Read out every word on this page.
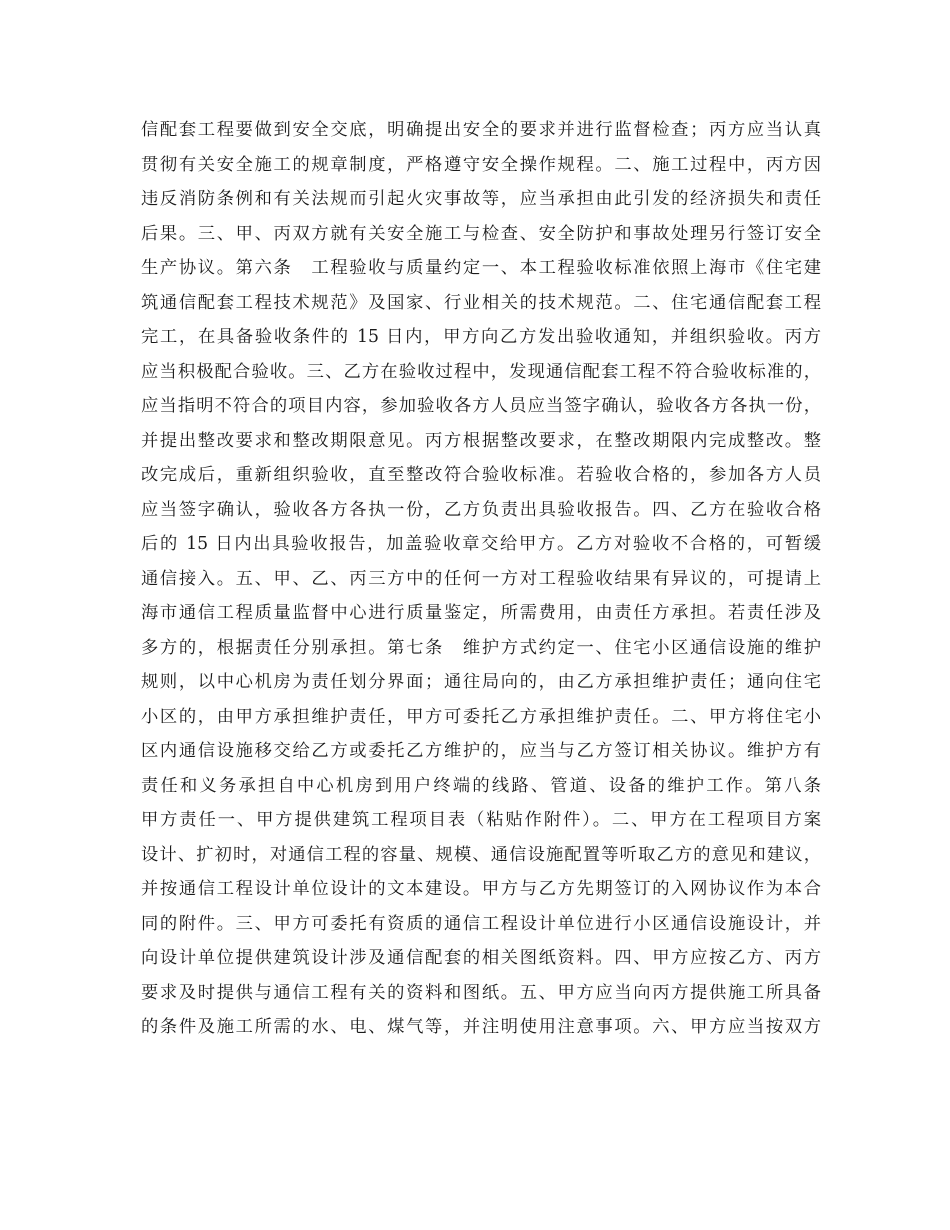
信配套工程要做到安全交底，明确提出安全的要求并进行监督检查；丙方应当认真
贯彻有关安全施工的规章制度，严格遵守安全操作规程。二、施工过程中，丙方因
违反消防条例和有关法规而引起火灾事故等，应当承担由此引发的经济损失和责任
后果。三、甲、丙双方就有关安全施工与检查、安全防护和事故处理另行签订安全
生产协议。第六条　工程验收与质量约定一、本工程验收标准依照上海市《住宅建
筑通信配套工程技术规范》及国家、行业相关的技术规范。二、住宅通信配套工程
完工，在具备验收条件的 15 日内，甲方向乙方发出验收通知，并组织验收。丙方
应当积极配合验收。三、乙方在验收过程中，发现通信配套工程不符合验收标准的，
应当指明不符合的项目内容，参加验收各方人员应当签字确认，验收各方各执一份，
并提出整改要求和整改期限意见。丙方根据整改要求，在整改期限内完成整改。整
改完成后，重新组织验收，直至整改符合验收标准。若验收合格的，参加各方人员
应当签字确认，验收各方各执一份，乙方负责出具验收报告。四、乙方在验收合格
后的 15 日内出具验收报告，加盖验收章交给甲方。乙方对验收不合格的，可暂缓
通信接入。五、甲、乙、丙三方中的任何一方对工程验收结果有异议的，可提请上
海市通信工程质量监督中心进行质量鉴定，所需费用，由责任方承担。若责任涉及
多方的，根据责任分别承担。第七条　维护方式约定一、住宅小区通信设施的维护
规则，以中心机房为责任划分界面；通往局向的，由乙方承担维护责任；通向住宅
小区的，由甲方承担维护责任，甲方可委托乙方承担维护责任。二、甲方将住宅小
区内通信设施移交给乙方或委托乙方维护的，应当与乙方签订相关协议。维护方有
责任和义务承担自中心机房到用户终端的线路、管道、设备的维护工作。第八条
甲方责任一、甲方提供建筑工程项目表（粘贴作附件）。二、甲方在工程项目方案
设计、扩初时，对通信工程的容量、规模、通信设施配置等听取乙方的意见和建议，
并按通信工程设计单位设计的文本建设。甲方与乙方先期签订的入网协议作为本合
同的附件。三、甲方可委托有资质的通信工程设计单位进行小区通信设施设计，并
向设计单位提供建筑设计涉及通信配套的相关图纸资料。四、甲方应按乙方、丙方
要求及时提供与通信工程有关的资料和图纸。五、甲方应当向丙方提供施工所具备
的条件及施工所需的水、电、煤气等，并注明使用注意事项。六、甲方应当按双方
